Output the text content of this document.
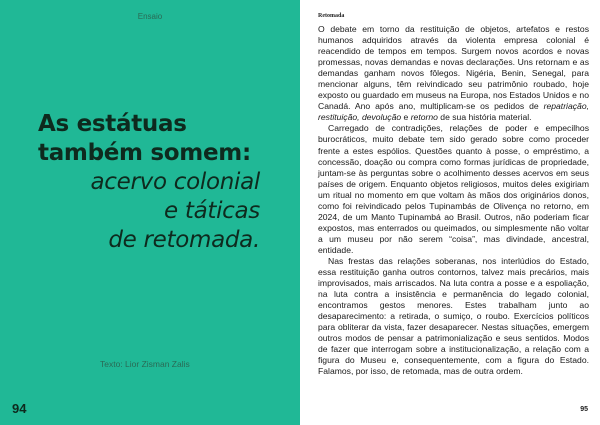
Ensaio
As estátuas
também somem:
acervo colonial
e táticas
de retomada.
Texto: Lior Zisman Zalis
94
Retomada

O debate em torno da restituição de objetos, artefatos e restos humanos adquiridos através da violenta empresa colonial é reacendido de tempos em tempos. Surgem novos acordos e novas promessas, novas demandas e novas declarações. Uns retornam e as demandas ganham novos fôlegos. Nigéria, Benin, Senegal, para mencionar alguns, têm reivindicado seu patrimônio roubado, hoje exposto ou guardado em museus na Europa, nos Estados Unidos e no Canadá. Ano após ano, multiplicam-se os pedidos de repatriação, restituição, devolução e retorno de sua história material.

Carregado de contradições, relações de poder e empecilhos burocráticos, muito debate tem sido gerado sobre como proceder frente a estes espólios. Questões quanto à posse, o empréstimo, a concessão, doação ou compra como formas jurídicas de propriedade, juntam-se às perguntas sobre o acolhimento desses acervos em seus países de origem. Enquanto objetos religiosos, muitos deles exigiriam um ritual no momento em que voltam às mãos dos originários donos, como foi reivindicado pelos Tupinambás de Olivença no retorno, em 2024, de um Manto Tupinambá ao Brasil. Outros, não poderiam ficar expostos, mas enterrados ou queimados, ou simplesmente não voltar a um museu por não serem “coisa”, mas divindade, ancestral, entidade.

Nas frestas das relações soberanas, nos interlúdios do Estado, essa restituição ganha outros contornos, talvez mais precários, mais improvisados, mais arriscados. Na luta contra a posse e a espoliação, na luta contra a insistência e permanência do legado colonial, encontramos gestos menores. Estes trabalham junto ao desaparecimento: a retirada, o sumiço, o roubo. Exercícios políticos para obliterar da vista, fazer desaparecer. Nestas situações, emergem outros modos de pensar a patrimonialização e seus sentidos. Modos de fazer que interrogam sobre a institucionalização, a relação com a figura do Museu e, consequentemente, com a figura do Estado. Falamos, por isso, de retomada, mas de outra ordem.

95
